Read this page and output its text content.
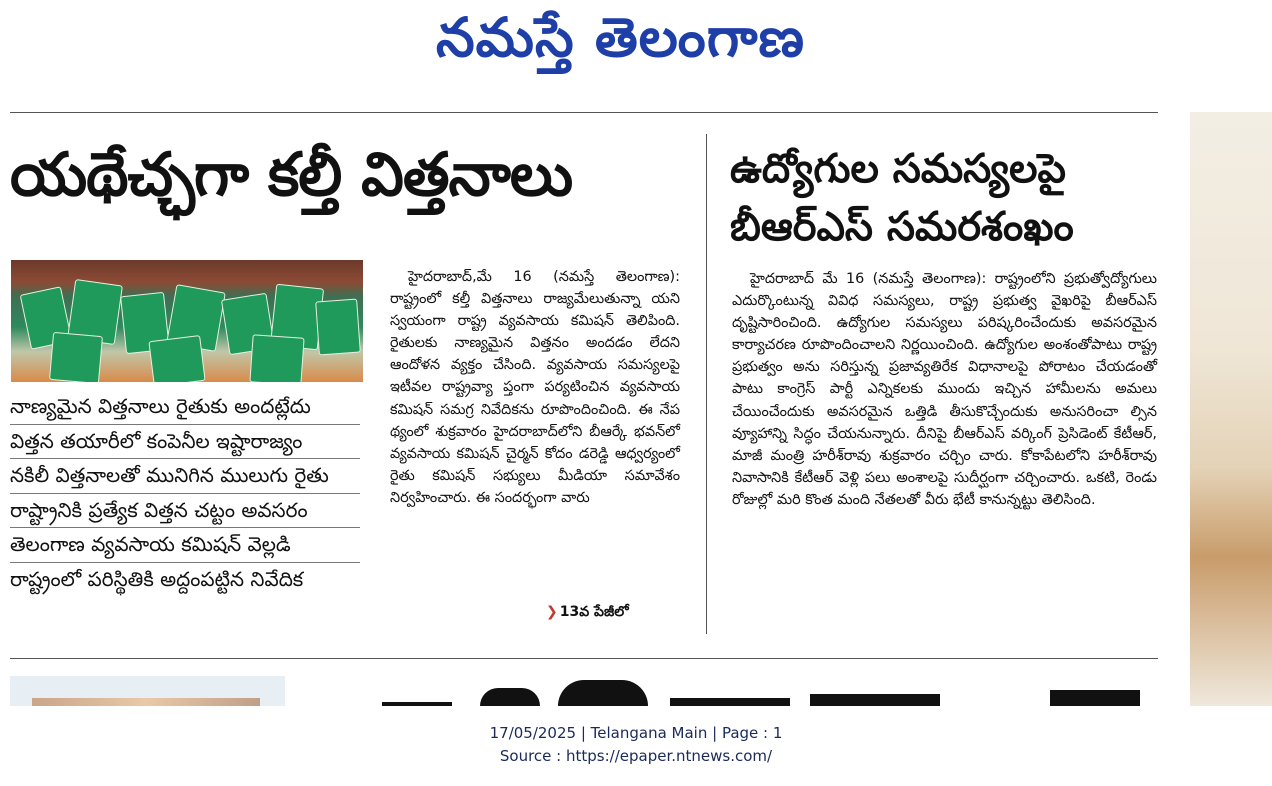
నమస్తే తెలంగాణ
యథేచ్ఛగా కల్తీ విత్తనాలు
నాణ్యమైన విత్తనాలు రైతుకు అందట్లేదు
విత్తన తయారీలో కంపెనీల ఇష్టారాజ్యం
నకిలీ విత్తనాలతో మునిగిన ములుగు రైతు
రాష్ట్రానికి ప్రత్యేక విత్తన చట్టం అవసరం
తెలంగాణ వ్యవసాయ కమిషన్ వెల్లడి
రాష్ట్రంలో పరిస్థితికి అద్దంపట్టిన నివేదిక
హైదరాబాద్,మే 16 (నమస్తే తెలంగాణ): రాష్ట్రంలో కల్తీ విత్తనాలు రాజ్యమేలుతున్నా యని స్వయంగా రాష్ట్ర వ్యవసాయ కమిషన్ తెలిపింది. రైతులకు నాణ్యమైన విత్తనం అందడం లేదని ఆందోళన వ్యక్తం చేసింది. వ్యవసాయ సమస్యలపై ఇటీవల రాష్ట్రవ్యా ప్తంగా పర్యటించిన వ్యవసాయ కమిషన్ సమగ్ర నివేదికను రూపొందించింది. ఈ నేప థ్యంలో శుక్రవారం హైదరాబాద్‌లోని బీఆర్కే భవన్‌లో వ్యవసాయ కమిషన్ చైర్మన్ కోదం డరెడ్డి ఆధ్వర్యంలో రైతు కమిషన్ సభ్యులు మీడియా సమావేశం నిర్వహించారు. ఈ సందర్భంగా వారు
❯ 13వ పేజీలో
ఉద్యోగుల సమస్యలపై
బీఆర్‌ఎస్ సమరశంఖం
హైదరాబాద్ మే 16 (నమస్తే తెలంగాణ): రాష్ట్రంలోని ప్రభుత్వోద్యోగులు ఎదుర్కొంటున్న వివిధ సమస్యలు, రాష్ట్ర ప్రభుత్వ వైఖరిపై బీఆర్‌ఎస్ దృష్టిసారించింది. ఉద్యోగుల సమస్యలు పరిష్కరించేందుకు అవసరమైన కార్యాచరణ రూపొందించాలని నిర్ణయించింది. ఉద్యోగుల అంశంతోపాటు రాష్ట్ర ప్రభుత్వం అను సరిస్తున్న ప్రజావ్యతిరేక విధానాలపై పోరాటం చేయడంతో పాటు కాంగ్రెస్ పార్టీ ఎన్నికలకు ముందు ఇచ్చిన హామీలను అమలు చేయించేందుకు అవసరమైన ఒత్తిడి తీసుకొచ్చేందుకు అనుసరించా ల్సిన వ్యూహాన్ని సిద్ధం చేయనున్నారు. దీనిపై బీఆర్‌ఎస్ వర్కింగ్ ప్రెసిడెంట్ కేటీఆర్, మాజీ మంత్రి హరీశ్‌రావు శుక్రవారం చర్చిం చారు. కోకాపేటలోని హరీశ్‌రావు నివాసానికి కేటీఆర్ వెళ్లి పలు అంశాలపై సుదీర్ఘంగా చర్చించారు. ఒకటి, రెండు రోజుల్లో మరి కొంత మంది నేతలతో వీరు భేటీ కానున్నట్టు తెలిసింది.
17/05/2025 | Telangana Main | Page : 1
Source : https://epaper.ntnews.com/
